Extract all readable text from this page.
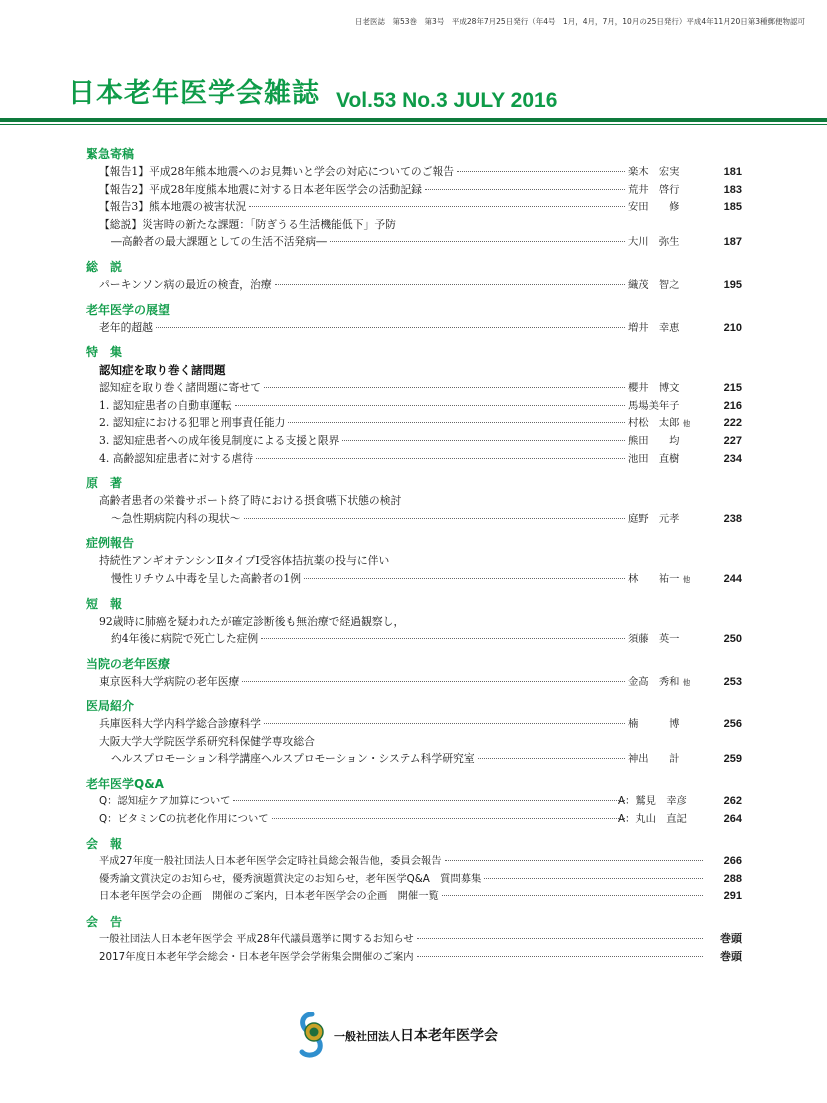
日老医誌　第53巻　第3号　平成28年7月25日発行（年4号　1月，4月，7月，10月の25日発行）平成4年11月20日第3種郵便物認可
日本老年医学会雑誌 Vol.53 No.3 JULY 2016
緊急寄稿
【報告1】平成28年熊本地震へのお見舞いと学会の対応についてのご報告	楽木　宏実	181
【報告2】平成28年度熊本地震に対する日本老年医学会の活動記録	荒井　啓行	183
【報告3】熊本地震の被害状況	安田　　修	185
【総説】災害時の新たな課題：「防ぎうる生活機能低下」予防
―高齢者の最大課題としての生活不活発病―	大川　弥生	187
総　説
パーキンソン病の最近の検査，治療	織茂　智之	195
老年医学の展望
老年的超越	増井　幸恵	210
特　集
認知症を取り巻く諸問題
認知症を取り巻く諸問題に寄せて	櫻井　博文	215
1. 認知症患者の自動車運転	馬場美年子	216
2. 認知症における犯罪と刑事責任能力	村松　太郎 他	222
3. 認知症患者への成年後見制度による支援と限界	熊田　　均	227
4. 高齢認知症患者に対する虐待	池田　直樹	234
原　著
高齢者患者の栄養サポート終了時における摂食嚥下状態の検討
～急性期病院内科の現状～	庭野　元孝	238
症例報告
持続性アンギオテンシンⅡタイプⅠ受容体拮抗薬の投与に伴い
慢性リチウム中毒を呈した高齢者の1例	林　　祐一 他	244
短　報
92歳時に肺癌を疑われたが確定診断後も無治療で経過観察し，
約4年後に病院で死亡した症例	須藤　英一	250
当院の老年医療
東京医科大学病院の老年医療	金高　秀和 他	253
医局紹介
兵庫医科大学内科学総合診療科学	楠　　　博	256
大阪大学大学院医学系研究科保健学専攻総合
ヘルスプロモーション科学講座ヘルスプロモーション・システム科学研究室	神出　　計	259
老年医学Q&A
Q：認知症ケア加算について	A：鷲見　幸彦	262
Q：ビタミンCの抗老化作用について	A：丸山　直記	264
会　報
平成27年度一般社団法人日本老年医学会定時社員総会報告他，委員会報告	266
優秀論文賞決定のお知らせ，優秀演題賞決定のお知らせ，老年医学Q&A　質問募集	288
日本老年医学会の企画　開催のご案内，日本老年医学会の企画　開催一覧	291
会　告
一般社団法人日本老年医学会 平成28年代議員選挙に関するお知らせ	巻頭
2017年度日本老年学会総会・日本老年医学会学術集会開催のご案内	巻頭
一般社団法人日本老年医学会
